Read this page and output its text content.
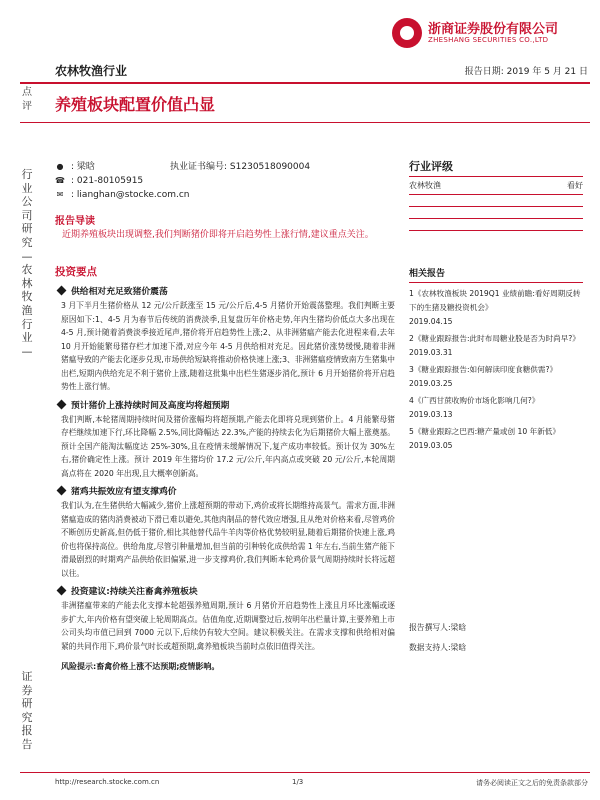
浙商证券股份有限公司
ZHESHANG SECURITIES CO.,LTD
农林牧渔行业	报告日期: 2019 年 5 月 21 日
点评 养殖板块配置价值凸显
行业公司研究—农林牧渔行业—
证券研究报告
● : 梁晗	执业证书编号: S1230518090004
☎ : 021-80105915
✉ : lianghan@stocke.com.cn
报告导读
近期养殖板块出现调整,我们判断猪价即将开启趋势性上涨行情,建议重点关注。
投资要点
供给相对充足致猪价震荡
3 月下半月生猪价格从 12 元/公斤跃涨至 15 元/公斤后,4-5 月猪价开始震荡整理。我们判断主要原因如下:1、4-5 月为春节后传统的消费淡季,且复盘历年价格走势,年内生猪均价低点大多出现在 4-5 月,预计随着消费淡季接近尾声,猪价将开启趋势性上涨;2、从非洲猪瘟产能去化进程来看,去年 10 月开始能繁母猪存栏才加速下滑,对应今年 4-5 月供给相对充足。因此猪价涨势缓慢,随着非洲猪瘟导致的产能去化逐步兑现,市场供给短缺将推动价格快速上涨;3、非洲猪瘟疫情致南方生猪集中出栏,短期内供给充足不利于猪价上涨,随着这批集中出栏生猪逐步消化,预计 6 月开始猪价将开启趋势性上涨行情。
预计猪价上涨持续时间及高度均将超预期
我们判断,本轮猪周期持续时间及猪价涨幅均将超预期,产能去化即将兑现到猪价上。4 月能繁母猪存栏继续加速下行,环比降幅 2.5%,同比降幅达 22.3%,产能的持续去化为后期猪价大幅上涨奠基。预计全国产能淘汰幅度达 25%-30%,且在疫情未缓解情况下,复产成功率较低。预计仅为 30%左右,猪价确定性上涨。预计 2019 年生猪均价 17.2 元/公斤,年内高点或突破 20 元/公斤,本轮周期高点将在 2020 年出现,且大概率创新高。
猪鸡共振效应有望支撑鸡价
我们认为,在生猪供给大幅减少,猪价上涨超预期的带动下,鸡价或将长期维持高景气。需求方面,非洲猪瘟造成的猪肉消费被动下滑已难以避免,其他肉制品的替代效应增强,且从绝对价格来看,尽管鸡价不断创历史新高,但仍低于猪价,相比其他替代品牛羊肉等价格优势较明显,随着后期猪价快速上涨,鸡价也将保持高位。供给角度,尽管引种量增加,但当前的引种转化成供给需 1 年左右,当前生猪产能下滑最剧烈的时期鸡产品供给依旧偏紧,进一步支撑鸡价,我们判断本轮鸡价景气周期持续时长将远超以往。
投资建议:持续关注畜禽养殖板块
非洲猪瘟带来的产能去化支撑本轮超强养殖周期,预计 6 月猪价开启趋势性上涨且月环比涨幅或逐步扩大,年内价格有望突破上轮周期高点。估值角度,近期调整过后,按明年出栏量计算,主要养殖上市公司头均市值已回到 7000 元以下,后续仍有较大空间。建议积极关注。在需求支撑和供给相对偏紧的共同作用下,鸡价景气时长或超预期,禽养殖板块当前时点依旧值得关注。
风险提示:畜禽价格上涨不达预期;疫情影响。
行业评级
农林牧渔	看好
相关报告
1《农林牧渔板块 2019Q1 业绩前瞻:看好周期反转下的生猪及糖投资机会》
2019.04.15
2《糖业跟踪报告:此时布局糖业股是否为时尚早?》
2019.03.31
3《糖业跟踪报告:如何解读印度食糖供需?》
2019.03.25
4《广西甘蔗收购价市场化影响几何?》
2019.03.13
5《糖业跟踪之巴西:糖产量或创 10 年新低》
2019.03.05
报告撰写人:梁晗
数据支持人:梁晗
http://research.stocke.com.cn	1/3	请务必阅读正文之后的免责条款部分
